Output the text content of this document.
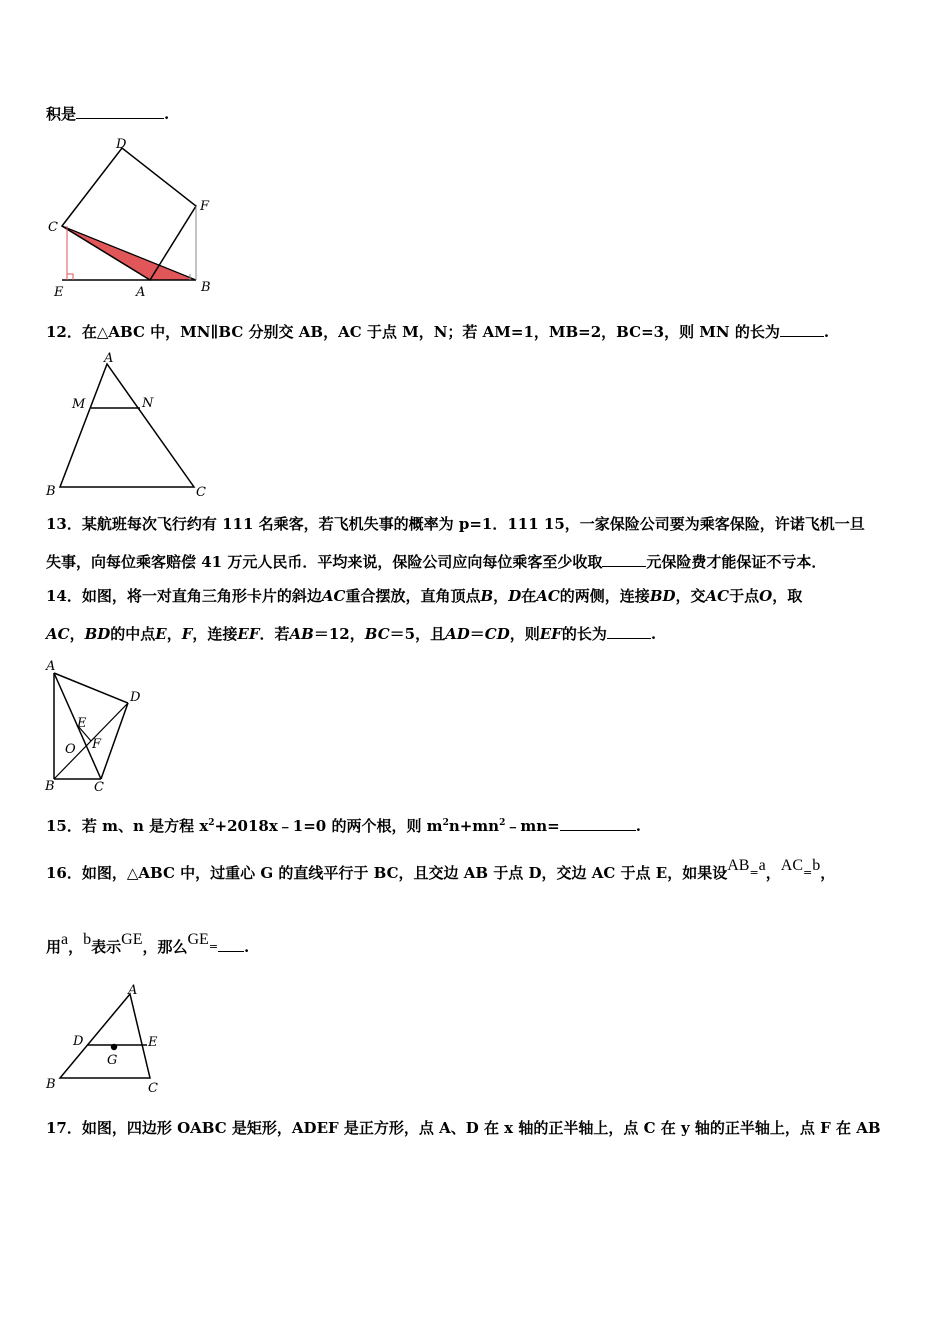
积是	.
D
F
C
E	A	B
12．在△ABC 中，MN∥BC 分别交 AB，AC 于点 M，N；若 AM=1，MB=2，BC=3，则 MN 的长为	.
A
M	N
B	C
13．某航班每次飞行约有 111 名乘客，若飞机失事的概率为 p=1．111 15，一家保险公司要为乘客保险，许诺飞机一旦
失事，向每位乘客赔偿 41 万元人民币．平均来说，保险公司应向每位乘客至少收取	元保险费才能保证不亏本．
14．如图，将一对直角三角形卡片的斜边AC重合摆放，直角顶点B，D在AC的两侧，连接BD，交AC于点O，取
AC，BD的中点E，F，连接EF．若AB＝12，BC＝5，且AD＝CD，则EF的长为	.
A
D
E
O F
B	C
15．若 m、n 是方程 $x^2+2018x﹣1=0$ 的两个根，则 $m^2n+mn^2﹣mn=$	.
16．如图，△ABC 中，过重心 G 的直线平行于 BC，且交边 AB 于点 D，交边 AC 于点 E，如果设AB=a，AC=b，
用a，b表示GE，那么GE= .
A
D	E
G
B	C
17．如图，四边形 OABC 是矩形，ADEF 是正方形，点 A、D 在 x 轴的正半轴上，点 C 在 y 轴的正半轴上，点 F 在 AB
